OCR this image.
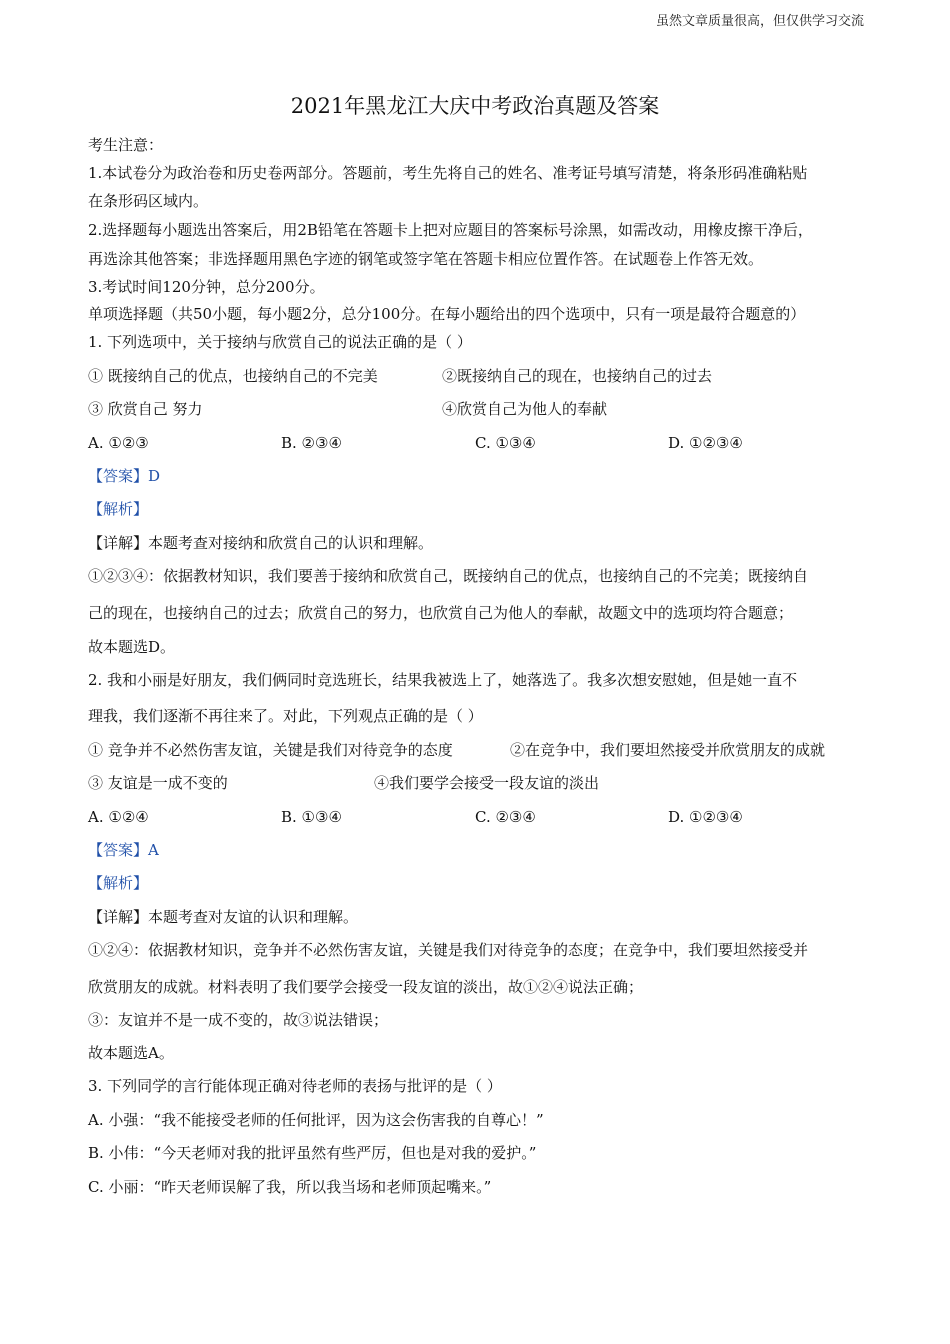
虽然文章质量很高，但仅供学习交流
2021年黑龙江大庆中考政治真题及答案
考生注意：
1.本试卷分为政治卷和历史卷两部分。答题前，考生先将自己的姓名、准考证号填写清楚，将条形码准确粘贴
在条形码区域内。
2.选择题每小题选出答案后，用2B铅笔在答题卡上把对应题目的答案标号涂黑，如需改动，用橡皮擦干净后，
再选涂其他答案；非选择题用黑色字迹的钢笔或签字笔在答题卡相应位置作答。在试题卷上作答无效。
3.考试时间120分钟，总分200分。
单项选择题（共50小题，每小题2分，总分100分。在每小题给出的四个选项中，只有一项是最符合题意的）
1. 下列选项中，关于接纳与欣赏自己的说法正确的是（ ）
① 既接纳自己的优点，也接纳自己的不完美	②既接纳自己的现在，也接纳自己的过去
③ 欣赏自己 努力	④欣赏自己为他人的奉献
A. ①②③	B. ②③④	C. ①③④	D. ①②③④
【答案】D
【解析】
【详解】本题考查对接纳和欣赏自己的认识和理解。
①②③④：依据教材知识，我们要善于接纳和欣赏自己，既接纳自己的优点，也接纳自己的不完美；既接纳自
己的现在，也接纳自己的过去；欣赏自己的努力，也欣赏自己为他人的奉献，故题文中的选项均符合题意；
故本题选D。
2. 我和小丽是好朋友，我们俩同时竞选班长，结果我被选上了，她落选了。我多次想安慰她，但是她一直不
理我，我们逐渐不再往来了。对此，下列观点正确的是（ ）
① 竞争并不必然伤害友谊，关键是我们对待竞争的态度	②在竞争中，我们要坦然接受并欣赏朋友的成就
③ 友谊是一成不变的	④我们要学会接受一段友谊的淡出
A. ①②④	B. ①③④	C. ②③④	D. ①②③④
【答案】A
【解析】
【详解】本题考查对友谊的认识和理解。
①②④：依据教材知识，竞争并不必然伤害友谊，关键是我们对待竞争的态度；在竞争中，我们要坦然接受并
欣赏朋友的成就。材料表明了我们要学会接受一段友谊的淡出，故①②④说法正确；
③：友谊并不是一成不变的，故③说法错误；
故本题选A。
3. 下列同学的言行能体现正确对待老师的表扬与批评的是（ ）
A. 小强：“我不能接受老师的任何批评，因为这会伤害我的自尊心！”
B. 小伟：“今天老师对我的批评虽然有些严厉，但也是对我的爱护。”
C. 小丽：“昨天老师误解了我，所以我当场和老师顶起嘴来。”
